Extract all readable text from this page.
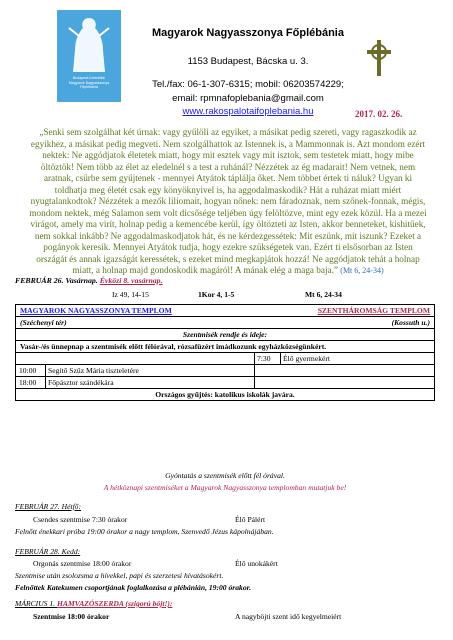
Budapest-Kelenföldi
Magyarok Nagyasszonya
Főplébánia
Magyarok Nagyasszonya Főplébánia
1153 Budapest, Bácska u. 3.
Tel./fax: 06-1-307-6315; mobil: 06203574229;
email: rpmnafoplebania@gmail.com
www.rakospalotaifoplebania.hu	2017. 02. 26.
„Senki sem szolgálhat két úrnak: vagy gyűlöli az egyiket, a másikat pedig szereti, vagy ragaszkodik az egyikhez, a másikat pedig megveti. Nem szolgálhattok az Istennek is, a Mammonnak is. Azt mondom ezért nektek: Ne aggódjatok életetek miatt, hogy mit esztek vagy mit isztok, sem testetek miatt, hogy mibe öltöztök! Nem több az élet az eledelnél s a test a ruhánál? Nézzétek az ég madarait! Nem vetnek, nem aratnak, csűrbe sem gyűjtenek - mennyei Atyátok táplálja őket. Nem többet értek ti náluk? Ugyan ki toldhatja meg életét csak egy könyöknyivel is, ha aggodalmaskodik? Hát a ruházat miatt miért nyugtalankodtok? Nézzétek a mezők liliomait, hogyan nőnek: nem fáradoznak, nem szőnek-fonnak, mégis, mondom nektek, még Salamon sem volt dicsősége teljében úgy felöltözve, mint egy ezek közül. Ha a mezei virágot, amely ma virít, holnap pedig a kemencébe kerül, így öltözteti az Isten, akkor benneteket, kishitűek, nem sokkal inkább? Ne aggodalmaskodjatok hát, és ne kérdezgessétek: Mit eszünk, mit iszunk? Ezeket a pogányok keresik. Mennyei Atyátok tudja, hogy ezekre szükségetek van. Ezért ti elsősorban az Isten országát és annak igazságát keressétek, s ezeket mind megkapjátok hozzá! Ne aggódjatok tehát a holnap miatt, a holnap majd gondoskodik magáról! A mának elég a maga baja.” (Mt 6, 24-34)
FEBRUÁR 26. Vasárnap. Évközi 8. vasárnap.
Iz 49, 14-15	1Kor 4, 1-5	Mt 6, 24-34
MAGYAROK NAGYASSZONYA TEMPLOM	SZENTHÁROMSÁG TEMPLOM
(Széchenyi tér)	(Kossuth u.)
Szentmisék rendje és ideje:
Vasár-/és ünnepnap a szentmisék előtt félórával, rózsafüzért imádkozunk egyházközségünkért.
7:30 Élő gyermekért
10:00 Segítő Szűz Mária tiszteletére
18:00 Főpásztor szándékára
Országos gyűjtés: katolikus iskolák javára.
Gyóntatás a szentmisék előtt fél órával.
A hétköznapi szentmiséket a Magyarok Nagyasszonya templomban mutatjuk be!
FEBRUÁR 27. Hétfő:
Csendes szentmise 7:30 órakor	Élő Pálért
Felnőtt énekkari próba 19:00 órakor a nagy templom, Szenvedő Jézus kápolnájában.
FEBRUÁR 28. Kedd:
Orgonás szentmise 18:00 órakor	Élő unokákért
Szentmise után zsolozsma a hívekkel, papi és szerzetesi hivatásokért.
Felnőttek Katekumen csoportjának foglalkozása a plébánián, 19:00 órakor.
MÁRCIUS 1. HAMVAZÓSZERDA (szigorú böjt!):
Szentmise 18:00 órakor	A nagyböjti szent idő kegyelmeiért
